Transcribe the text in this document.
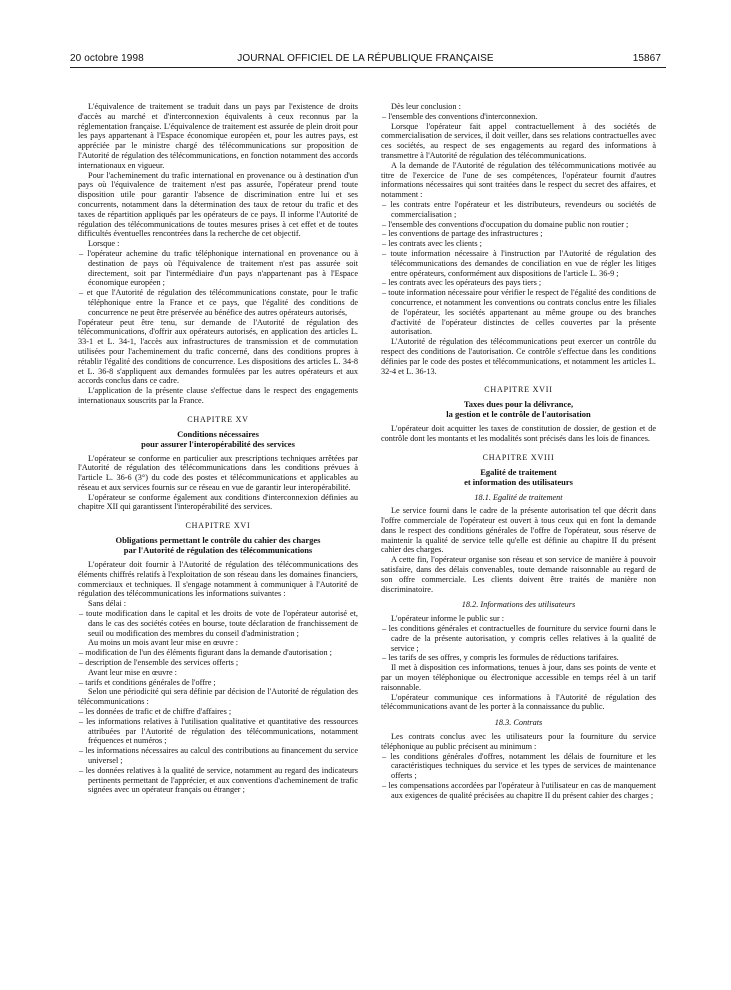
20 octobre 1998	JOURNAL OFFICIEL DE LA RÉPUBLIQUE FRANÇAISE	15867

L'équivalence de traitement se traduit dans un pays par l'existence de droits d'accès au marché et d'interconnexion équivalents à ceux reconnus par la réglementation française. L'équivalence de traitement est assurée de plein droit pour les pays appartenant à l'Espace économique européen et, pour les autres pays, est appréciée par le ministre chargé des télécommunications sur proposition de l'Autorité de régulation des télécommunications, en fonction notamment des accords internationaux en vigueur.

Pour l'acheminement du trafic international en provenance ou à destination d'un pays où l'équivalence de traitement n'est pas assurée, l'opérateur prend toute disposition utile pour garantir l'absence de discrimination entre lui et ses concurrents, notamment dans la détermination des taux de retour du trafic et des taxes de répartition appliqués par les opérateurs de ce pays. Il informe l'Autorité de régulation des télécommunications de toutes mesures prises à cet effet et de toutes difficultés éventuelles rencontrées dans la recherche de cet objectif.

Lorsque :

– l'opérateur achemine du trafic téléphonique international en provenance ou à destination de pays où l'équivalence de traitement n'est pas assurée soit directement, soit par l'intermédiaire d'un pays n'appartenant pas à l'Espace économique européen ;

– et que l'Autorité de régulation des télécommunications constate, pour le trafic téléphonique entre la France et ce pays, que l'égalité des conditions de concurrence ne peut être préservée au bénéfice des autres opérateurs autorisés,

l'opérateur peut être tenu, sur demande de l'Autorité de régulation des télécommunications, d'offrir aux opérateurs autorisés, en application des articles L. 33-1 et L. 34-1, l'accès aux infrastructures de transmission et de commutation utilisées pour l'acheminement du trafic concerné, dans des conditions propres à rétablir l'égalité des conditions de concurrence. Les dispositions des articles L. 34-8 et L. 36-8 s'appliquent aux demandes formulées par les autres opérateurs et aux accords conclus dans ce cadre.

L'application de la présente clause s'effectue dans le respect des engagements internationaux souscrits par la France.

CHAPITRE XV

Conditions nécessaires
pour assurer l'interopérabilité des services

L'opérateur se conforme en particulier aux prescriptions techniques arrêtées par l'Autorité de régulation des télécommunications dans les conditions prévues à l'article L. 36-6 (3°) du code des postes et télécommunications et applicables au réseau et aux services fournis sur ce réseau en vue de garantir leur interopérabilité.

L'opérateur se conforme également aux conditions d'interconnexion définies au chapitre XII qui garantissent l'interopérabilité des services.

CHAPITRE XVI

Obligations permettant le contrôle du cahier des charges
par l'Autorité de régulation des télécommunications

L'opérateur doit fournir à l'Autorité de régulation des télécommunications des éléments chiffrés relatifs à l'exploitation de son réseau dans les domaines financiers, commerciaux et techniques. Il s'engage notamment à communiquer à l'Autorité de régulation des télécommunications les informations suivantes :

Sans délai :

– toute modification dans le capital et les droits de vote de l'opérateur autorisé et, dans le cas des sociétés cotées en bourse, toute déclaration de franchissement de seuil ou modification des membres du conseil d'administration ;

Au moins un mois avant leur mise en œuvre :

– modification de l'un des éléments figurant dans la demande d'autorisation ;

– description de l'ensemble des services offerts ;

Avant leur mise en œuvre :

– tarifs et conditions générales de l'offre ;

Selon une périodicité qui sera définie par décision de l'Autorité de régulation des télécommunications :

– les données de trafic et de chiffre d'affaires ;

– les informations relatives à l'utilisation qualitative et quantitative des ressources attribuées par l'Autorité de régulation des télécommunications, notamment fréquences et numéros ;

– les informations nécessaires au calcul des contributions au financement du service universel ;

– les données relatives à la qualité de service, notamment au regard des indicateurs pertinents permettant de l'apprécier, et aux conventions d'acheminement de trafic signées avec un opérateur français ou étranger ;

Dès leur conclusion :

– l'ensemble des conventions d'interconnexion.

Lorsque l'opérateur fait appel contractuellement à des sociétés de commercialisation de services, il doit veiller, dans ses relations contractuelles avec ces sociétés, au respect de ses engagements au regard des informations à transmettre à l'Autorité de régulation des télécommunications.

A la demande de l'Autorité de régulation des télécommunications motivée au titre de l'exercice de l'une de ses compétences, l'opérateur fournit d'autres informations nécessaires qui sont traitées dans le respect du secret des affaires, et notamment :

– les contrats entre l'opérateur et les distributeurs, revendeurs ou sociétés de commercialisation ;

– l'ensemble des conventions d'occupation du domaine public non routier ;

– les conventions de partage des infrastructures ;

– les contrats avec les clients ;

– toute information nécessaire à l'instruction par l'Autorité de régulation des télécommunications des demandes de conciliation en vue de régler les litiges entre opérateurs, conformément aux dispositions de l'article L. 36-9 ;

– les contrats avec les opérateurs des pays tiers ;

– toute information nécessaire pour vérifier le respect de l'égalité des conditions de concurrence, et notamment les conventions ou contrats conclus entre les filiales de l'opérateur, les sociétés appartenant au même groupe ou des branches d'activité de l'opérateur distinctes de celles couvertes par la présente autorisation.

L'Autorité de régulation des télécommunications peut exercer un contrôle du respect des conditions de l'autorisation. Ce contrôle s'effectue dans les conditions définies par le code des postes et télécommunications, et notamment les articles L. 32-4 et L. 36-13.

CHAPITRE XVII

Taxes dues pour la délivrance,
la gestion et le contrôle de l'autorisation

L'opérateur doit acquitter les taxes de constitution de dossier, de gestion et de contrôle dont les montants et les modalités sont précisés dans les lois de finances.

CHAPITRE XVIII

Egalité de traitement
et information des utilisateurs

18.1. Egalité de traitement

Le service fourni dans le cadre de la présente autorisation tel que décrit dans l'offre commerciale de l'opérateur est ouvert à tous ceux qui en font la demande dans le respect des conditions générales de l'offre de l'opérateur, sous réserve de maintenir la qualité de service telle qu'elle est définie au chapitre II du présent cahier des charges.

A cette fin, l'opérateur organise son réseau et son service de manière à pouvoir satisfaire, dans des délais convenables, toute demande raisonnable au regard de son offre commerciale. Les clients doivent être traités de manière non discriminatoire.

18.2. Informations des utilisateurs

L'opérateur informe le public sur :

– les conditions générales et contractuelles de fourniture du service fourni dans le cadre de la présente autorisation, y compris celles relatives à la qualité de service ;

– les tarifs de ses offres, y compris les formules de réductions tarifaires.

Il met à disposition ces informations, tenues à jour, dans ses points de vente et par un moyen téléphonique ou électronique accessible en temps réel à un tarif raisonnable.

L'opérateur communique ces informations à l'Autorité de régulation des télécommunications avant de les porter à la connaissance du public.

18.3. Contrats

Les contrats conclus avec les utilisateurs pour la fourniture du service téléphonique au public précisent au minimum :

– les conditions générales d'offres, notamment les délais de fourniture et les caractéristiques techniques du service et les types de services de maintenance offerts ;

– les compensations accordées par l'opérateur à l'utilisateur en cas de manquement aux exigences de qualité précisées au chapitre II du présent cahier des charges ;
